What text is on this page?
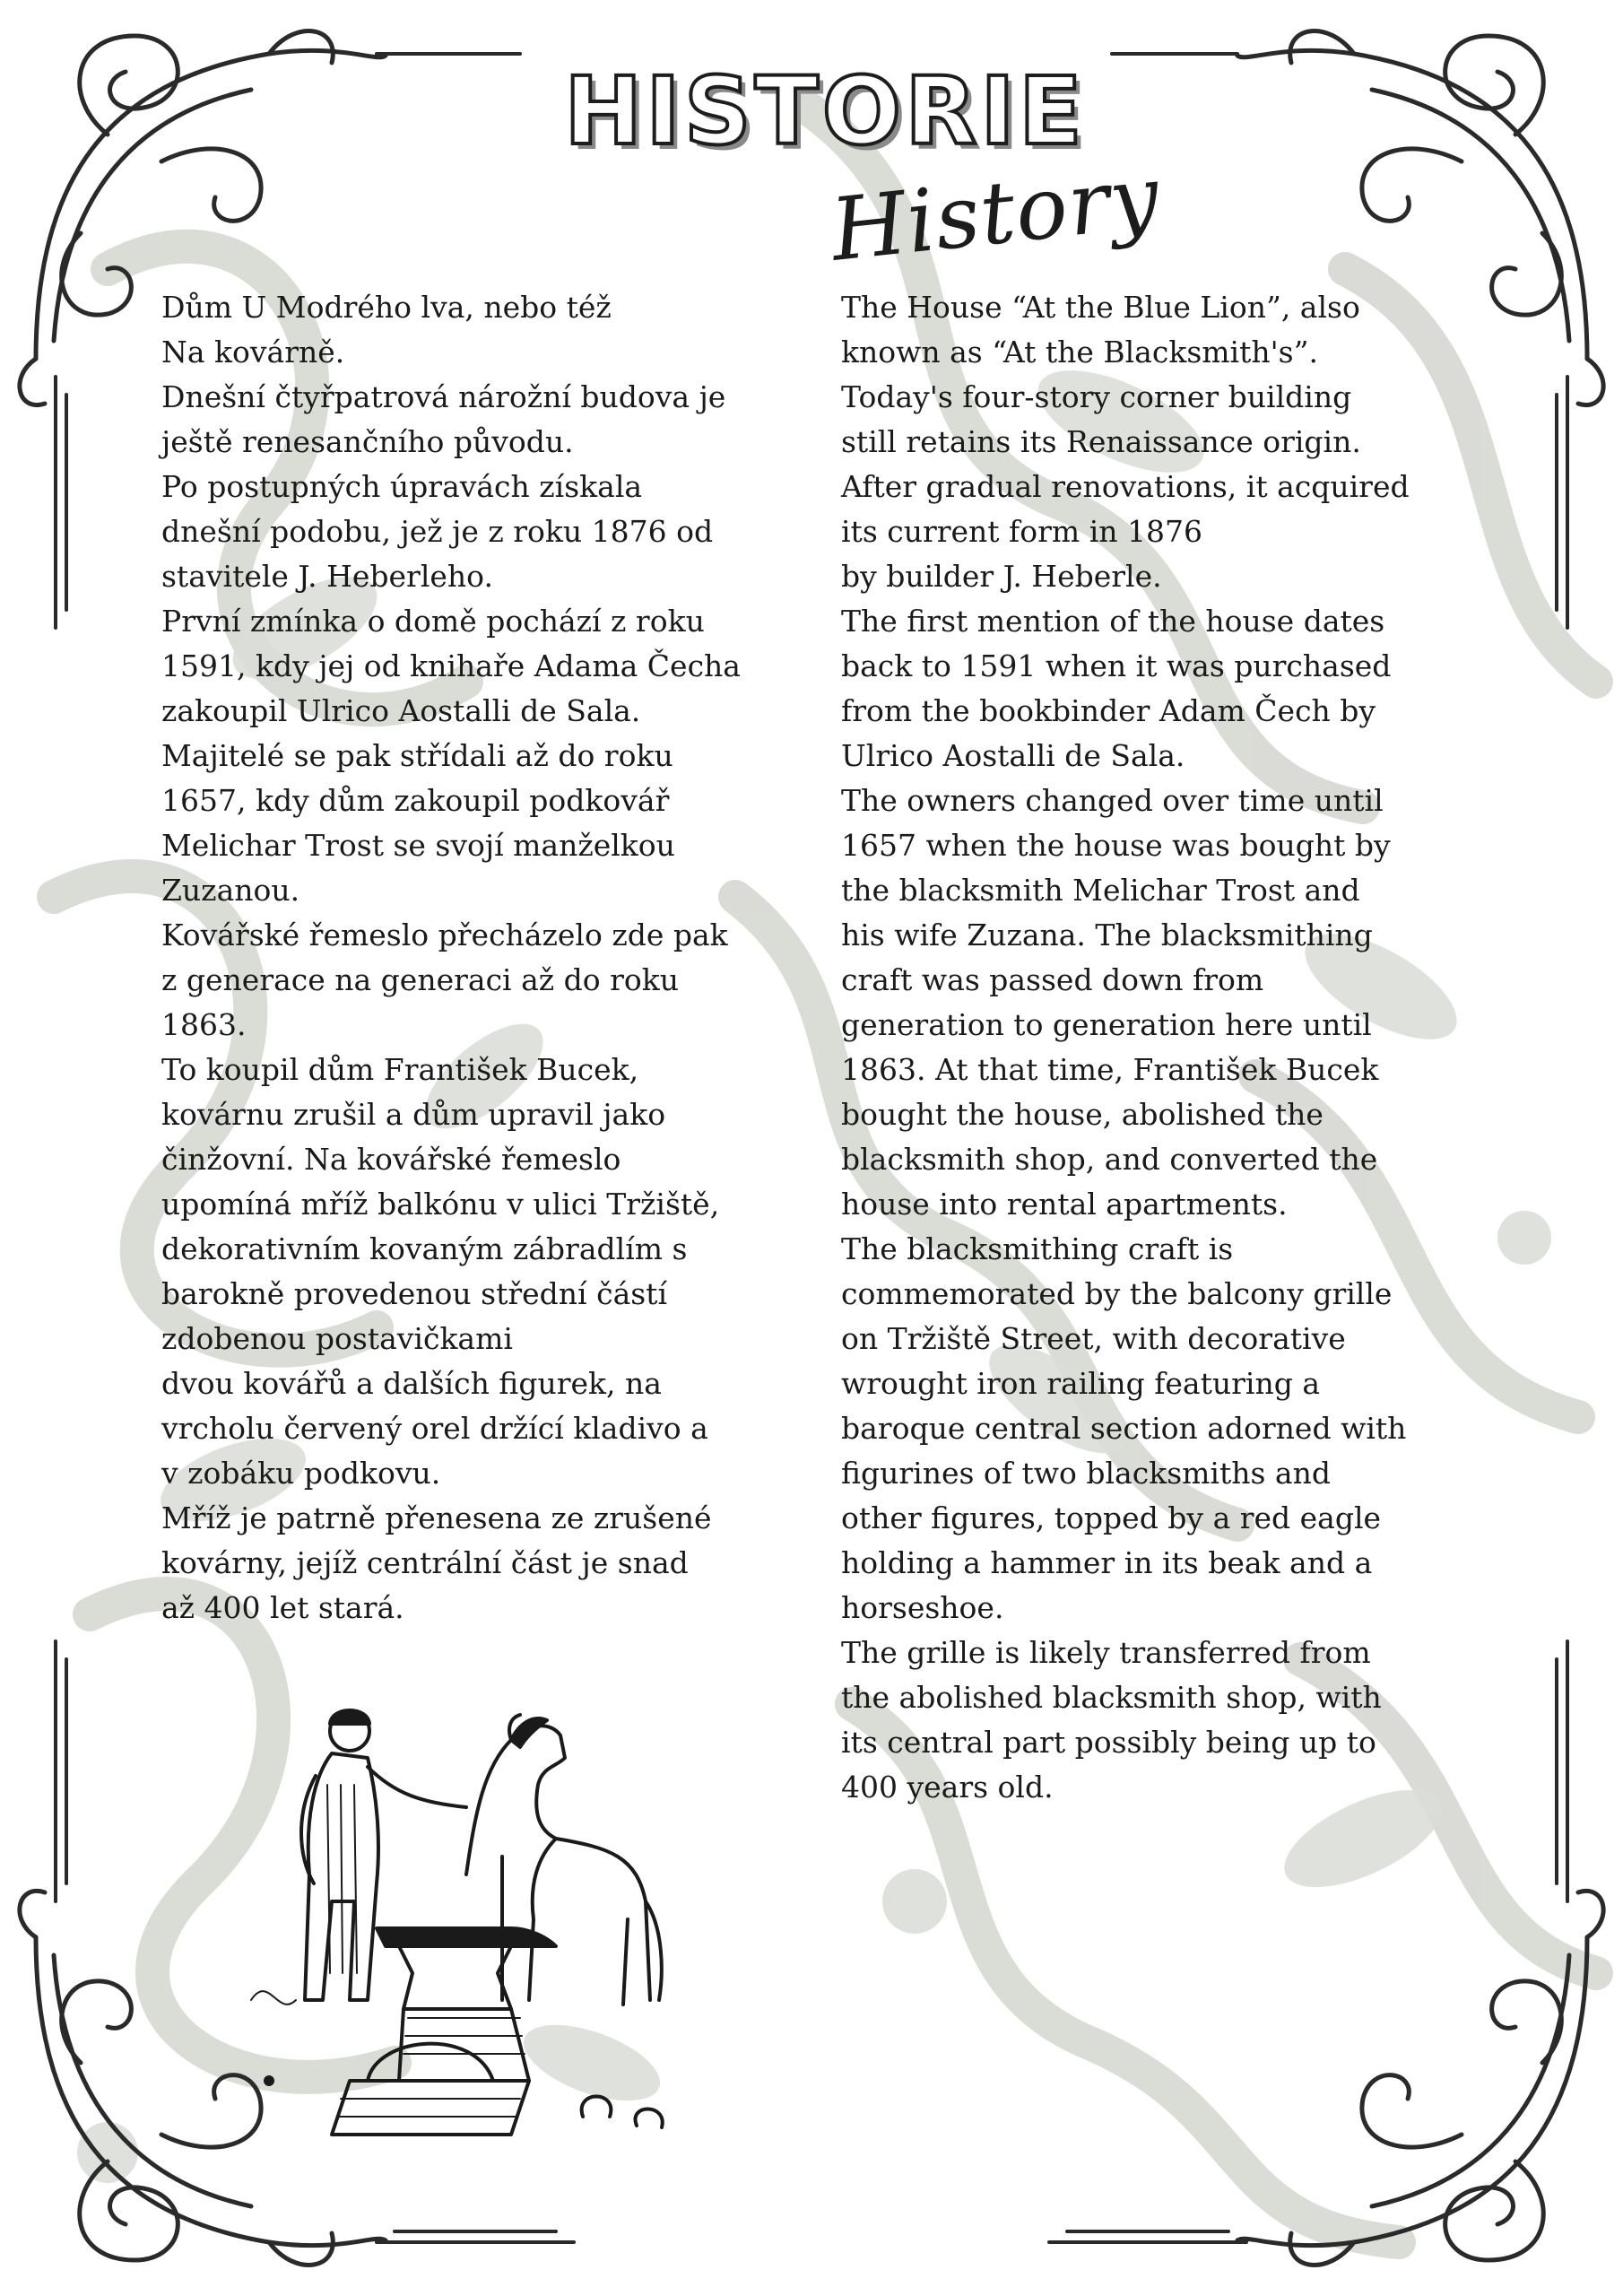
HISTORIE
History

Dům U Modrého lva, nebo též

Na kovárně.

Dnešní čtyřpatrová nárožní budova je

ještě renesančního původu.

Po postupných úpravách získala

dnešní podobu, jež je z roku 1876 od

stavitele J. Heberleho.

První zmínka o domě pochází z roku

1591, kdy jej od knihaře Adama Čecha

zakoupil Ulrico Aostalli de Sala.

Majitelé se pak střídali až do roku

1657, kdy dům zakoupil podkovář

Melichar Trost se svojí manželkou

Zuzanou.

Kovářské řemeslo přecházelo zde pak

z generace na generaci až do roku

1863.

To koupil dům František Bucek,

kovárnu zrušil a dům upravil jako

činžovní. Na kovářské řemeslo

upomíná mříž balkónu v ulici Tržiště,

dekorativním kovaným zábradlím s

barokně provedenou střední částí

zdobenou postavičkami

dvou kovářů a dalších figurek, na

vrcholu červený orel držící kladivo a

v zobáku podkovu.

Mříž je patrně přenesena ze zrušené

kovárny, jejíž centrální část je snad

až 400 let stará.

The House “At the Blue Lion”, also

known as “At the Blacksmith's”.

Today's four-story corner building

still retains its Renaissance origin.

After gradual renovations, it acquired

its current form in 1876

by builder J. Heberle.

The first mention of the house dates

back to 1591 when it was purchased

from the bookbinder Adam Čech by

Ulrico Aostalli de Sala.

The owners changed over time until

1657 when the house was bought by

the blacksmith Melichar Trost and

his wife Zuzana. The blacksmithing

craft was passed down from

generation to generation here until

1863. At that time, František Bucek

bought the house, abolished the

blacksmith shop, and converted the

house into rental apartments.

The blacksmithing craft is

commemorated by the balcony grille

on Tržiště Street, with decorative

wrought iron railing featuring a

baroque central section adorned with

figurines of two blacksmiths and

other figures, topped by a red eagle

holding a hammer in its beak and a

horseshoe.

The grille is likely transferred from

the abolished blacksmith shop, with

its central part possibly being up to

400 years old.
